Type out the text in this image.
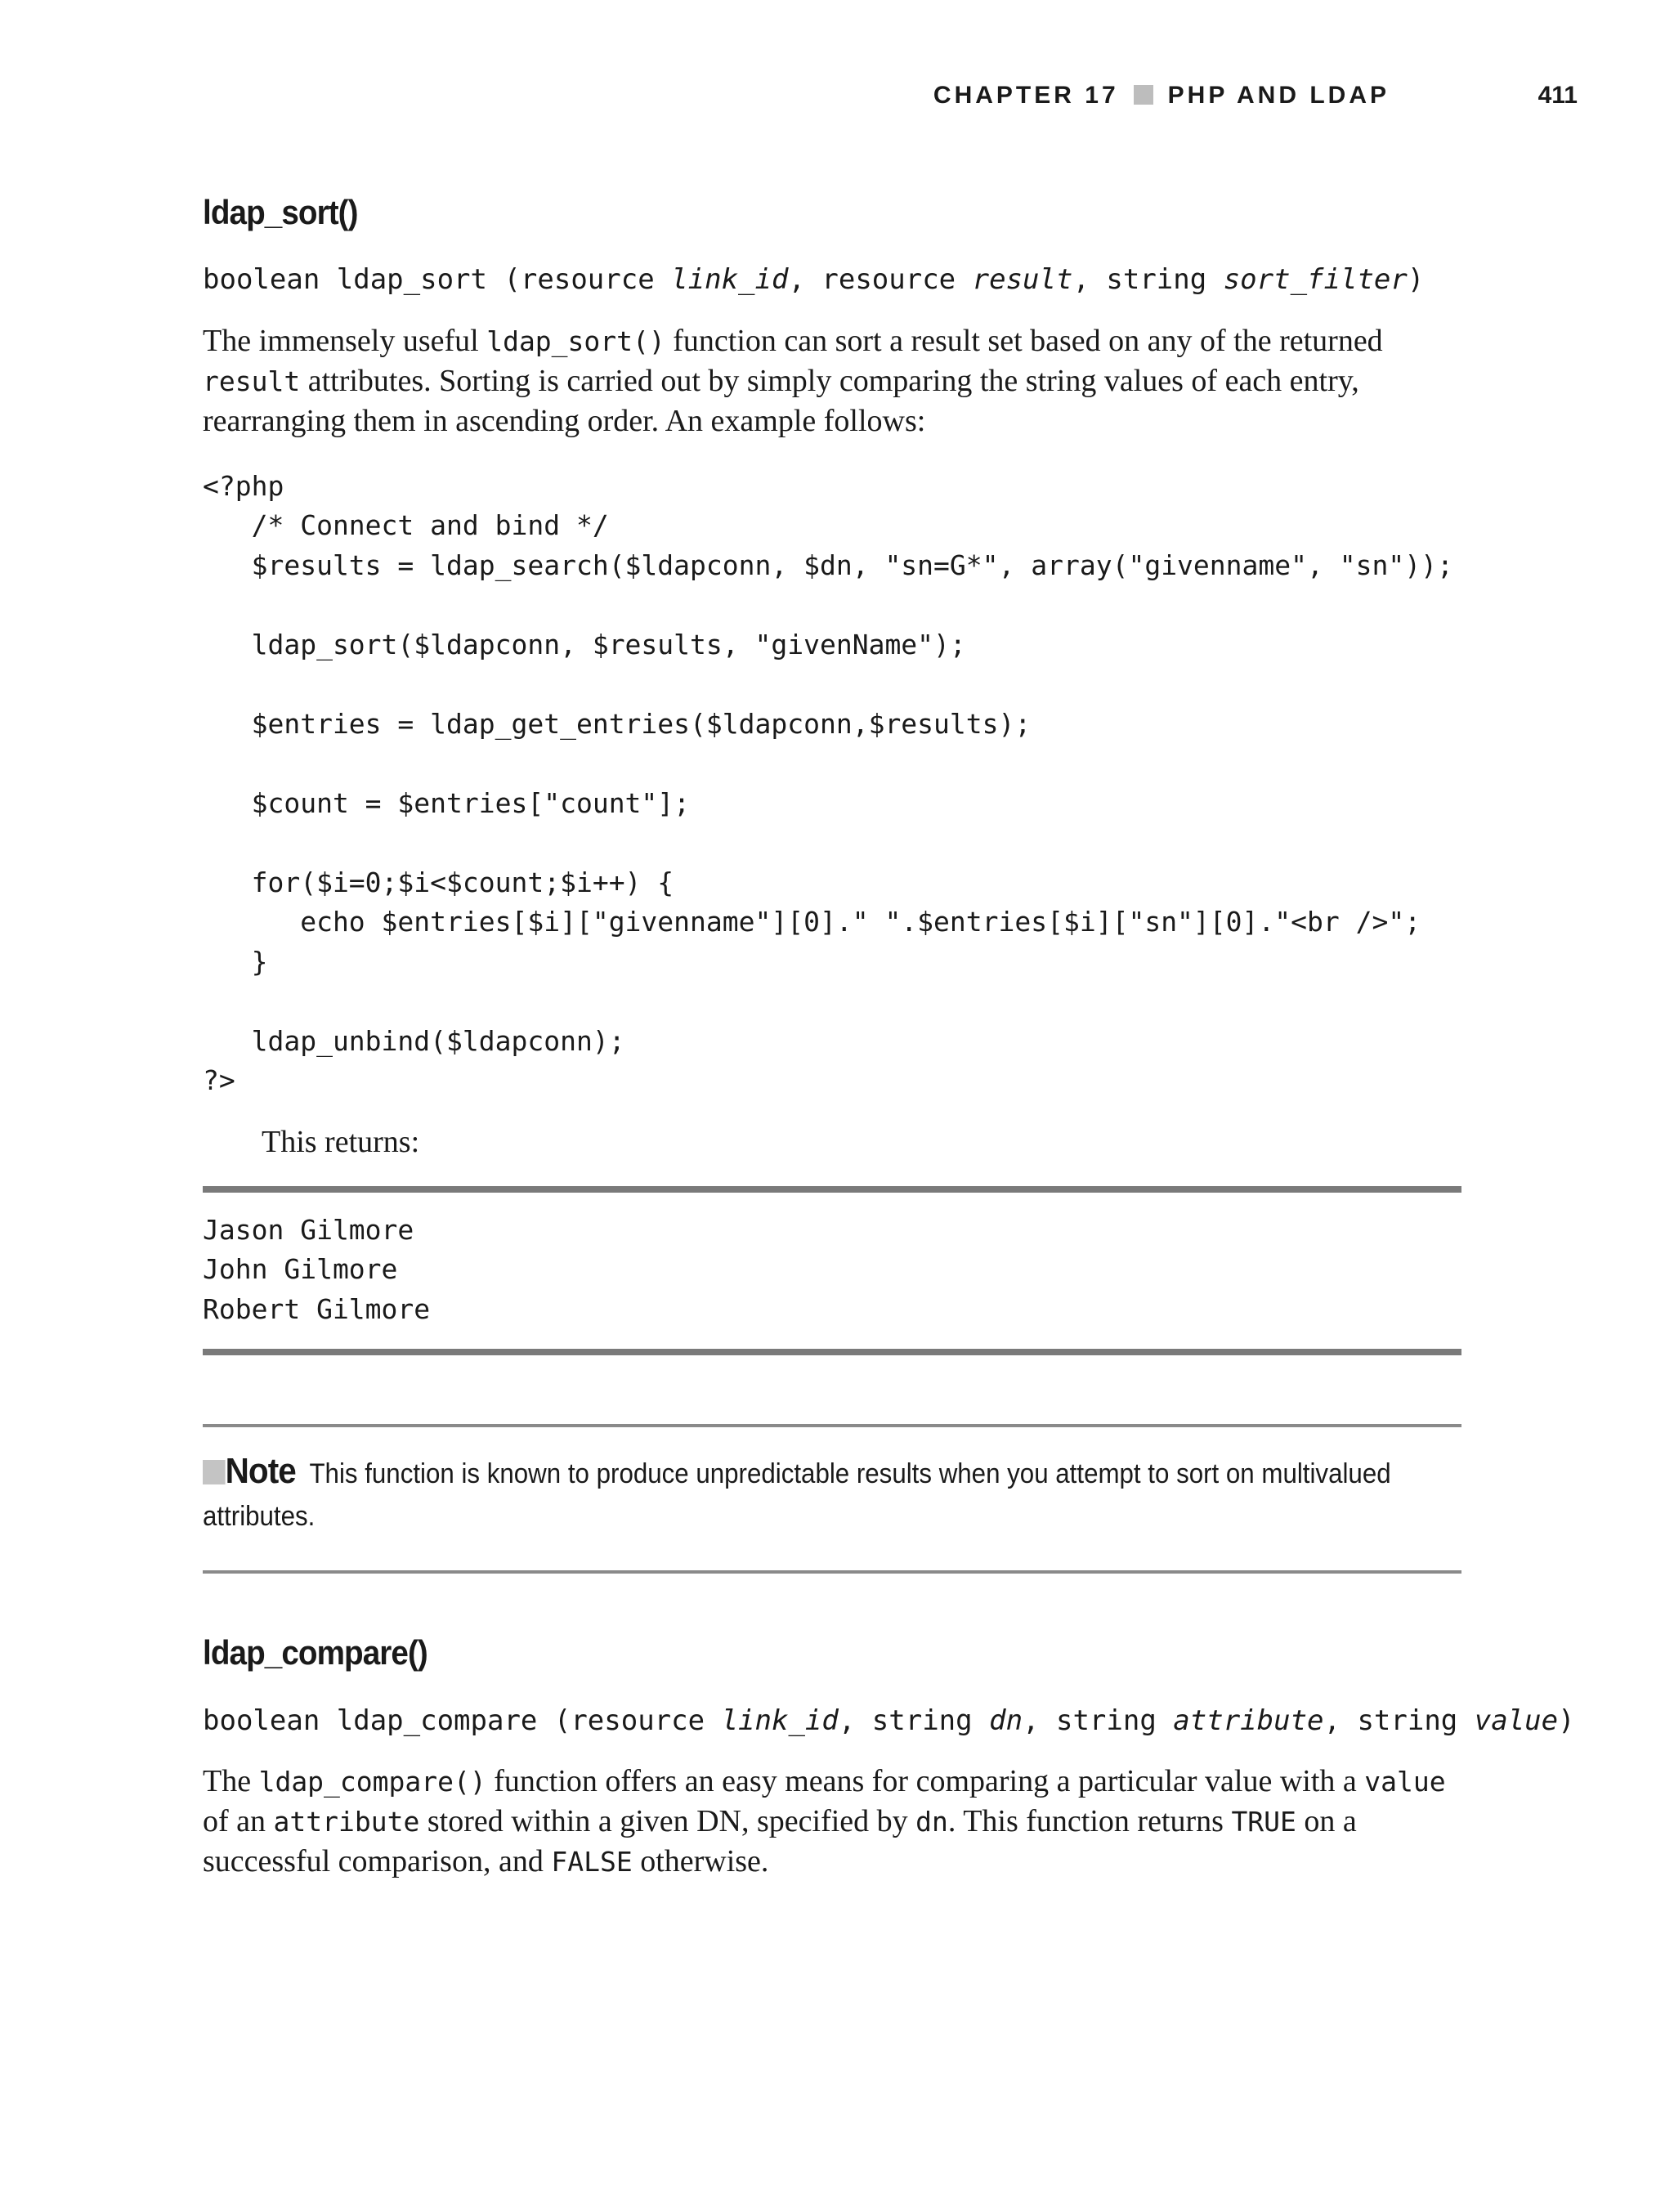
CHAPTER 17 PHP AND LDAP	411
ldap_sort()
boolean ldap_sort (resource link_id, resource result, string sort_filter)

The immensely useful ldap_sort() function can sort a result set based on any of the returned result attributes. Sorting is carried out by simply comparing the string values of each entry, rearranging them in ascending order. An example follows:

<?php
/* Connect and bind */
$results = ldap_search($ldapconn, $dn, "sn=G*", array("givenname", "sn"));

ldap_sort($ldapconn, $results, "givenName");

$entries = ldap_get_entries($ldapconn,$results);

$count = $entries["count"];

for($i=0;$i<$count;$i++) {
echo $entries[$i]["givenname"][0]." ".$entries[$i]["sn"][0]."<br />";
}

ldap_unbind($ldapconn);
?>
This returns:
Jason Gilmore
John Gilmore
Robert Gilmore
Note This function is known to produce unpredictable results when you attempt to sort on multivalued attributes.
ldap_compare()
boolean ldap_compare (resource link_id, string dn, string attribute, string value)

The ldap_compare() function offers an easy means for comparing a particular value with a value of an attribute stored within a given DN, specified by dn. This function returns TRUE on a successful comparison, and FALSE otherwise.
